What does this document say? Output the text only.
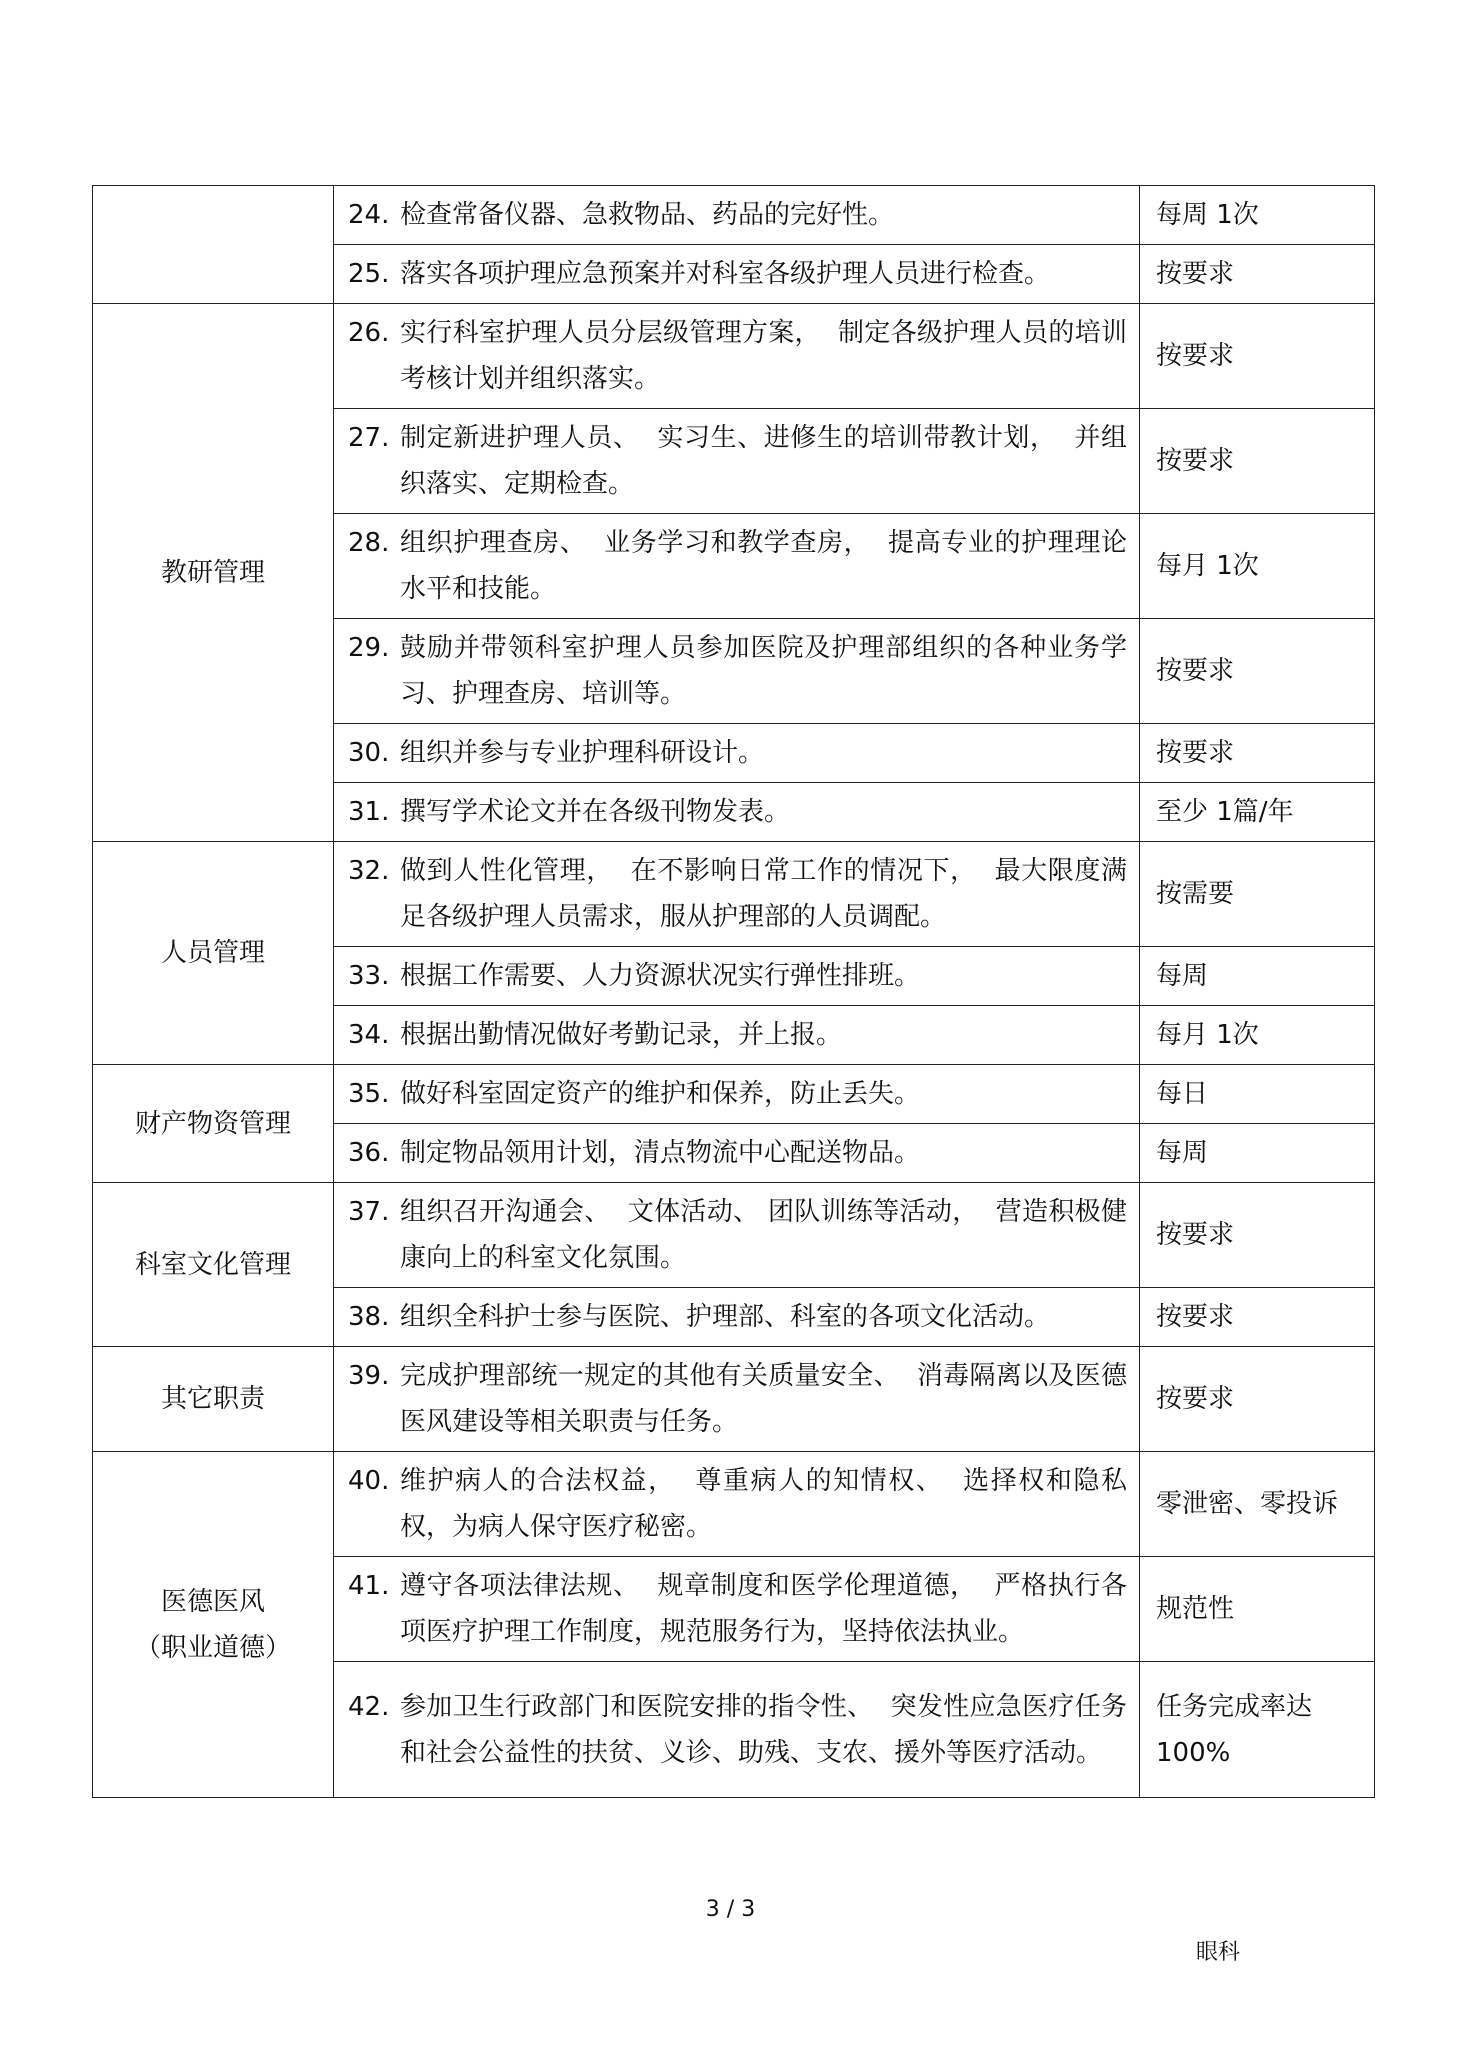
	24. 检查常备仪器、急救物品、药品的完好性。	每周 1次

	25. 落实各项护理应急预案并对科室各级护理人员进行检查。	按要求
教研管理	26. 实行科室护理人员分层级管理方案，  制定各级护理人员的培训考核计划并组织落实。	按要求

	27. 制定新进护理人员、  实习生、进修生的培训带教计划，  并组织落实、定期检查。	按要求

	28. 组织护理查房、  业务学习和教学查房，  提高专业的护理理论水平和技能。	每月 1次

	29. 鼓励并带领科室护理人员参加医院及护理部组织的各种业务学习、护理查房、培训等。	按要求

	30. 组织并参与专业护理科研设计。	按要求

	31. 撰写学术论文并在各级刊物发表。	至少 1篇/年
人员管理	32. 做到人性化管理，  在不影响日常工作的情况下，  最大限度满足各级护理人员需求，服从护理部的人员调配。	按需要

	33. 根据工作需要、人力资源状况实行弹性排班。	每周

	34. 根据出勤情况做好考勤记录，并上报。	每月 1次
财产物资管理	35. 做好科室固定资产的维护和保养，防止丢失。	每日

	36. 制定物品领用计划，清点物流中心配送物品。	每周
科室文化管理	37. 组织召开沟通会、  文体活动、 团队训练等活动，  营造积极健康向上的科室文化氛围。	按要求

	38. 组织全科护士参与医院、护理部、科室的各项文化活动。	按要求
其它职责	39. 完成护理部统一规定的其他有关质量安全、  消毒隔离以及医德医风建设等相关职责与任务。	按要求
医德医风
（职业道德）	40. 维护病人的合法权益，  尊重病人的知情权、  选择权和隐私权，为病人保守医疗秘密。	零泄密、零投诉

	41. 遵守各项法律法规、  规章制度和医学伦理道德，  严格执行各项医疗护理工作制度，规范服务行为，坚持依法执业。	规范性

	42. 参加卫生行政部门和医院安排的指令性、  突发性应急医疗任务和社会公益性的扶贫、义诊、助残、支农、援外等医疗活动。	任务完成率达 100%
3 / 3
眼科
